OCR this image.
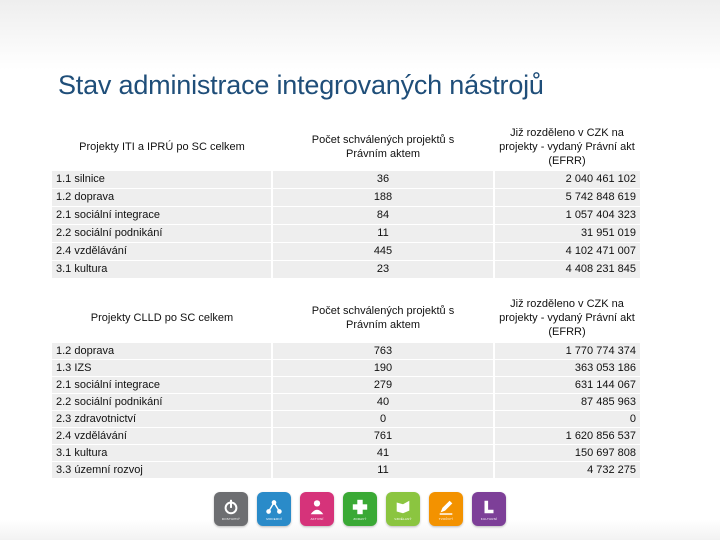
Stav administrace integrovaných nástrojů
Projekty ITI a IPRÚ po SC celkem	Počet schválených projektů s Právním aktem	Již rozděleno v CZK na projekty - vydaný Právní akt (EFRR)
1.1 silnice	36	2 040 461 102
1.2 doprava	188	5 742 848 619
2.1 sociální integrace	84	1 057 404 323
2.2 sociální podnikání	11	31 951 019
2.4 vzdělávání	445	4 102 471 007
3.1 kultura	23	4 408 231 845
Projekty CLLD po SC celkem	Počet schválených projektů s Právním aktem	Již rozděleno v CZK na projekty - vydaný Právní akt (EFRR)
1.2 doprava	763	1 770 774 374
1.3 IZS	190	363 053 186
2.1 sociální integrace	279	631 144 067
2.2 sociální podnikání	40	87 485 963
2.3 zdravotnictví	0	0
2.4 vzdělávání	761	1 620 856 537
3.1 kultura	41	150 697 808
3.3 územní rozvoj	11	4 732 275
DOSTUPNÝ	MODERNÍ	AKTIVNÍ	ZDRAVÝ	VZDĚLANÝ	TVOŘIVÝ	KULTURNÍ
